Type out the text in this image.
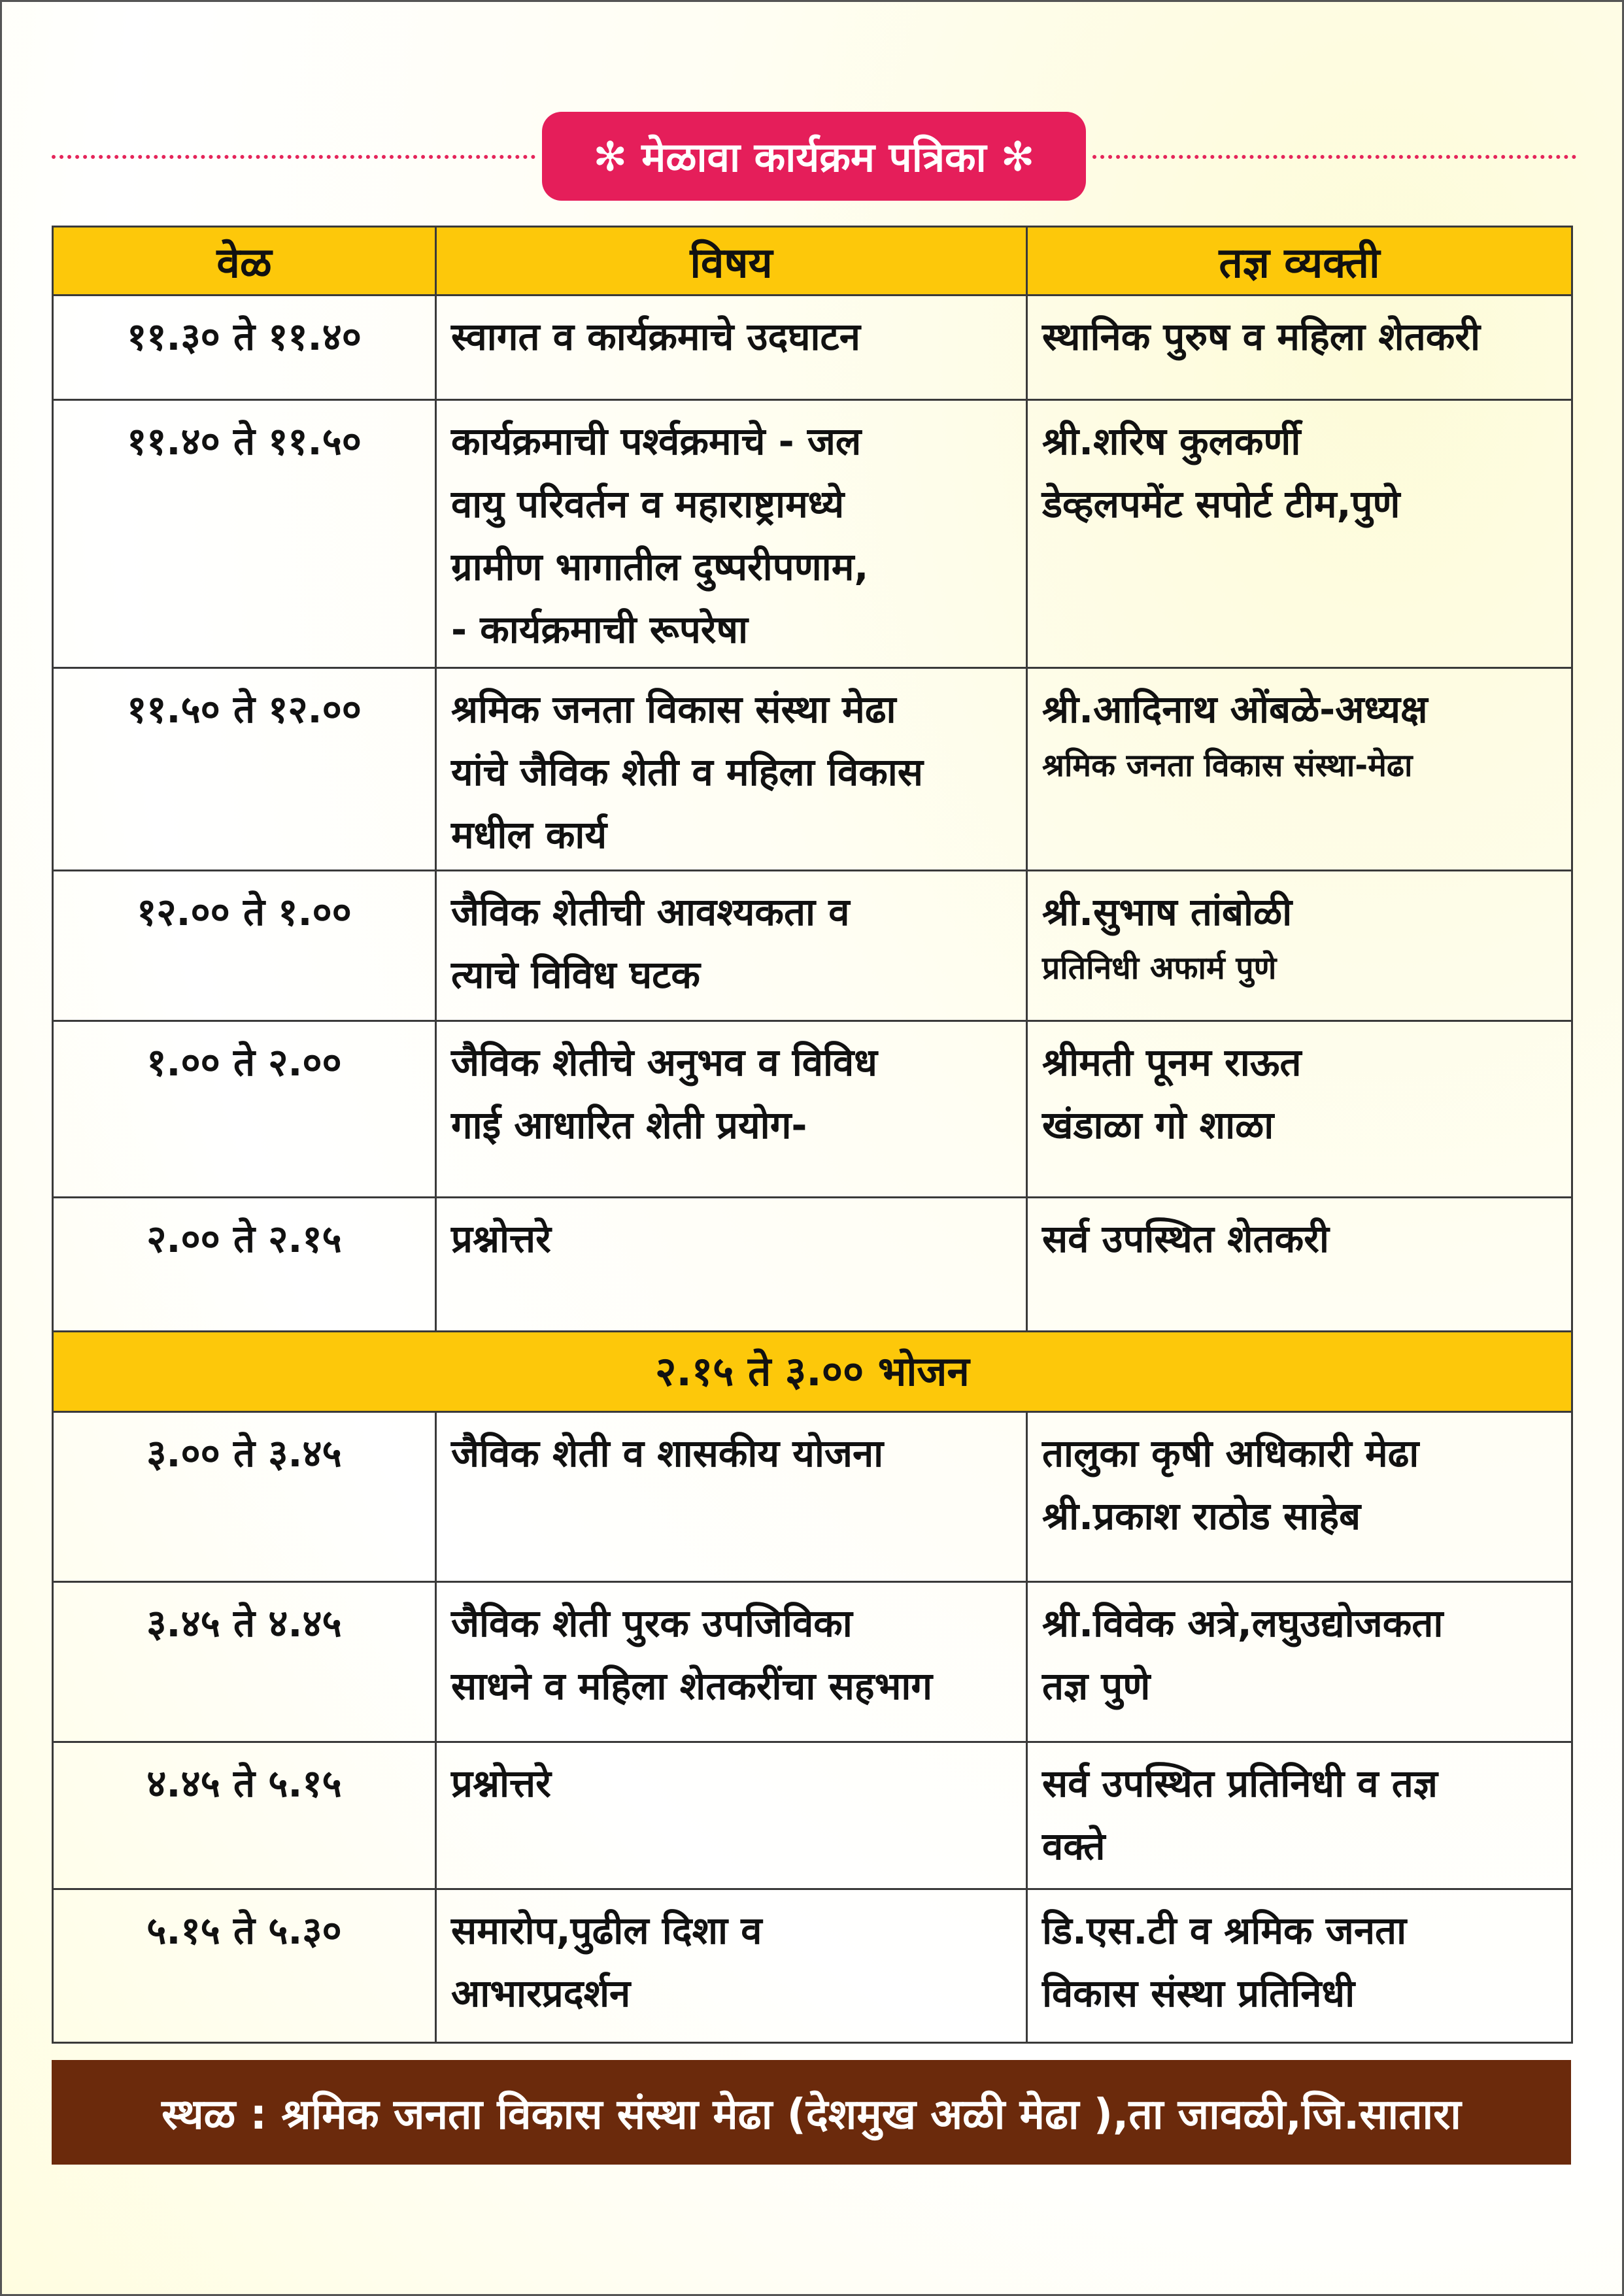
✻ मेळावा कार्यक्रम पत्रिका ✻
वेळ	विषय	तज्ञ व्यक्ती
११.३० ते ११.४०	स्वागत व कार्यक्रमाचे उदघाटन	स्थानिक पुरुष व महिला शेतकरी

११.४० ते ११.५०	कार्यक्रमाची पर्श्वक्रमाचे - जल
वायु परिवर्तन व महाराष्ट्रामध्ये
ग्रामीण भागातील दुष्परीपणाम,
- कार्यक्रमाची रूपरेषा	श्री.शरिष कुलकर्णी
डेव्हलपमेंट सपोर्ट टीम,पुणे

११.५० ते १२.००	श्रमिक जनता विकास संस्था मेढा
यांचे जैविक शेती व महिला विकास
मधील कार्य	श्री.आदिनाथ ओंबळे-अध्यक्ष
श्रमिक जनता विकास संस्था-मेढा

१२.०० ते १.००	जैविक शेतीची आवश्यकता व
त्याचे विविध घटक	श्री.सुभाष तांबोळी
प्रतिनिधी अफार्म पुणे

१.०० ते २.००	जैविक शेतीचे अनुभव व विविध
गाई आधारित शेती प्रयोग-	श्रीमती पूनम राऊत
खंडाळा गो शाळा

२.०० ते २.१५	प्रश्नोत्तरे	सर्व उपस्थित शेतकरी

२.१५ ते ३.०० भोजन		
३.०० ते ३.४५	जैविक शेती व शासकीय योजना	तालुका कृषी अधिकारी मेढा
श्री.प्रकाश राठोड साहेब

३.४५ ते ४.४५	जैविक शेती पुरक उपजिविका
साधने व महिला शेतकरींचा सहभाग	श्री.विवेक अत्रे,लघुउद्योजकता
तज्ञ पुणे

४.४५ ते ५.१५	प्रश्नोत्तरे	सर्व उपस्थित प्रतिनिधी व तज्ञ
वक्ते

५.१५ ते ५.३०	समारोप,पुढील दिशा व
आभारप्रदर्शन	डि.एस.टी व श्रमिक जनता
विकास संस्था प्रतिनिधी
स्थळ : श्रमिक जनता विकास संस्था मेढा (देशमुख अळी मेढा ),ता जावळी,जि.सातारा
